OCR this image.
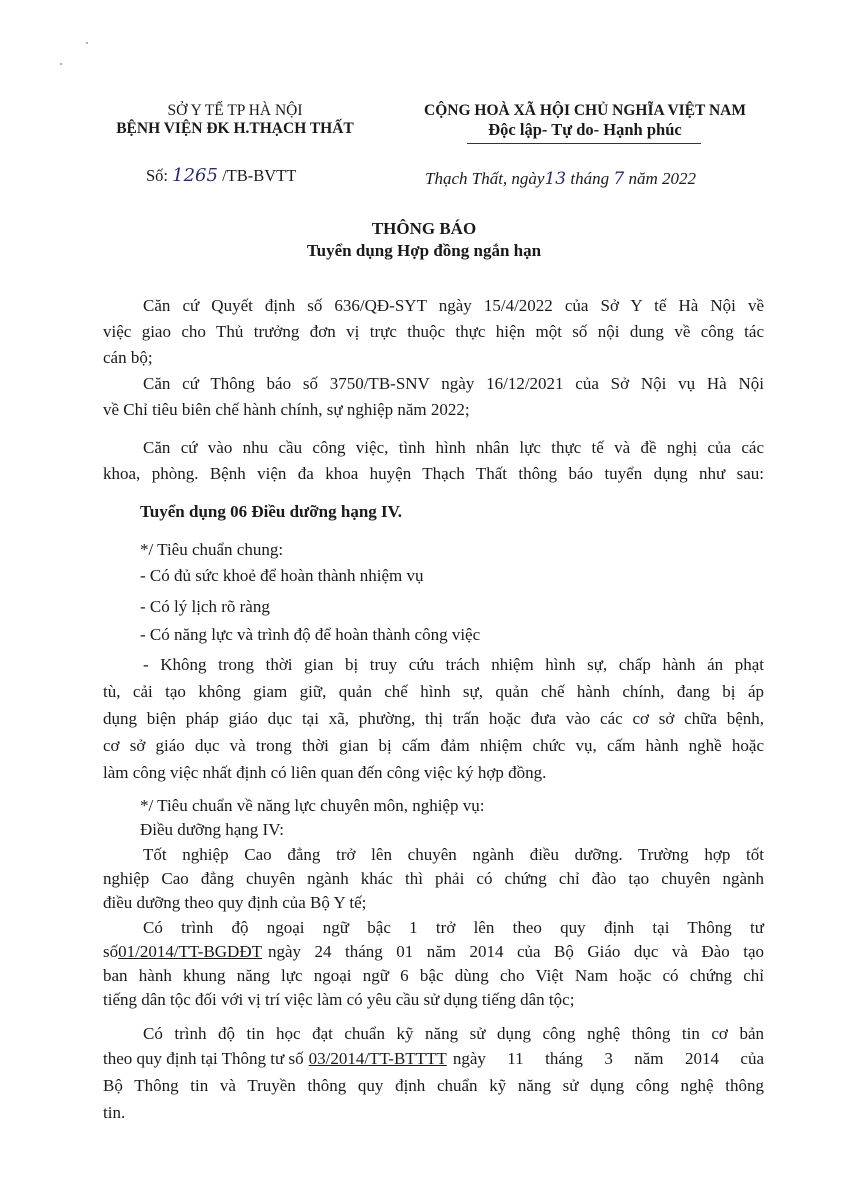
SỞ Y TẾ TP HÀ NỘI
BỆNH VIỆN ĐK H.THẠCH THẤT
CỘNG HOÀ XÃ HỘI CHỦ NGHĨA VIỆT NAM
Độc lập- Tự do- Hạnh phúc
Số: 1265 /TB-BVTT	Thạch Thất, ngày13 tháng 7 năm 2022
THÔNG BÁO
Tuyển dụng Hợp đồng ngắn hạn
Căn cứ Quyết định số 636/QĐ-SYT ngày 15/4/2022 của Sở Y tế Hà Nội về
việc giao cho Thủ trưởng đơn vị trực thuộc thực hiện một số nội dung về công tác
cán bộ;
Căn cứ Thông báo số 3750/TB-SNV ngày 16/12/2021 của Sở Nội vụ Hà Nội
về Chỉ tiêu biên chế hành chính, sự nghiệp năm 2022;
Căn cứ vào nhu cầu công việc, tình hình nhân lực thực tế và đề nghị của các
khoa, phòng. Bệnh viện đa khoa huyện Thạch Thất thông báo tuyển dụng như sau:
Tuyển dụng 06 Điều dưỡng hạng IV.
*/ Tiêu chuẩn chung:
- Có đủ sức khoẻ để hoàn thành nhiệm vụ
- Có lý lịch rõ ràng
- Có năng lực và trình độ để hoàn thành công việc
- Không trong thời gian bị truy cứu trách nhiệm hình sự, chấp hành án phạt
tù, cải tạo không giam giữ, quản chế hình sự, quản chế hành chính, đang bị áp
dụng biện pháp giáo dục tại xã, phường, thị trấn hoặc đưa vào các cơ sở chữa bệnh,
cơ sở giáo dục và trong thời gian bị cấm đảm nhiệm chức vụ, cấm hành nghề hoặc
làm công việc nhất định có liên quan đến công việc ký hợp đồng.
*/ Tiêu chuẩn về năng lực chuyên môn, nghiệp vụ:
Điều dưỡng hạng IV:
Tốt nghiệp Cao đẳng trở lên chuyên ngành điều dưỡng. Trường hợp tốt
nghiệp Cao đẳng chuyên ngành khác thì phải có chứng chỉ đào tạo chuyên ngành
điều dưỡng theo quy định của Bộ Y tế;
Có trình độ ngoại ngữ bậc 1 trở lên theo quy định tại Thông tư
số 01/2014/TT-BGDĐT ngày 24 tháng 01 năm 2014 của Bộ Giáo dục và Đào tạo
ban hành khung năng lực ngoại ngữ 6 bậc dùng cho Việt Nam hoặc có chứng chỉ
tiếng dân tộc đối với vị trí việc làm có yêu cầu sử dụng tiếng dân tộc;
Có trình độ tin học đạt chuẩn kỹ năng sử dụng công nghệ thông tin cơ bản
theo quy định tại Thông tư số 03/2014/TT-BTTTT ngày 11 tháng 3 năm 2014 của
Bộ Thông tin và Truyền thông quy định chuẩn kỹ năng sử dụng công nghệ thông
tin.
